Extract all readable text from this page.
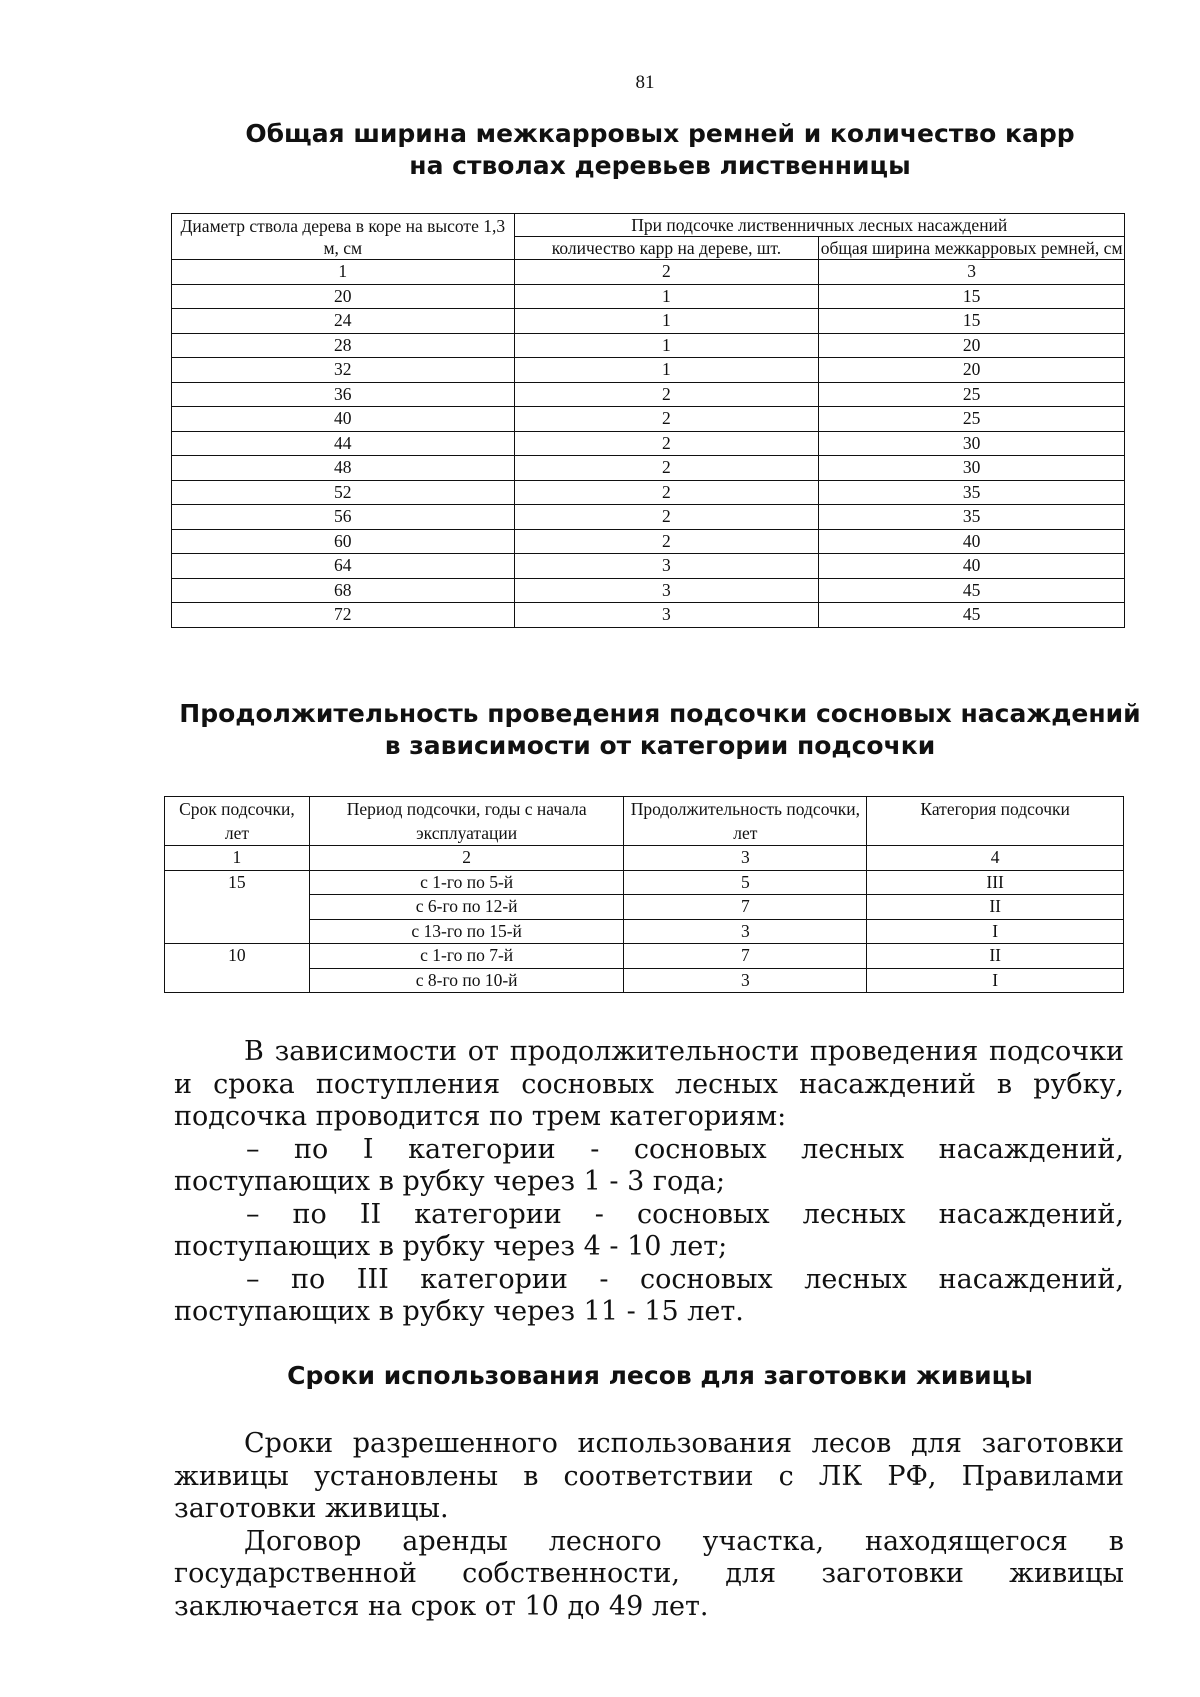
81
Общая ширина межкарровых ремней и количество карр
на стволах деревьев лиственницы
Диаметр ствола дерева в коре на высоте 1,3 м, см	При подсочке лиственничных лесных насаждений	
	количество карр на дереве, шт.	общая ширина межкарровых ремней, см
1	2	3
20	1	15
24	1	15
28	1	20
32	1	20
36	2	25
40	2	25
44	2	30
48	2	30
52	2	35
56	2	35
60	2	40
64	3	40
68	3	45
72	3	45
Продолжительность проведения подсочки сосновых насаждений
в зависимости от категории подсочки
Срок подсочки, лет	Период подсочки, годы с начала эксплуатации	Продолжительность подсочки, лет	Категория подсочки
1	2	3	4
15	с 1-го по 5-й	5	III
	с 6-го по 12-й	7	II
	с 13-го по 15-й	3	I
10	с 1-го по 7-й	7	II
	с 8-го по 10-й	3	I

В зависимости от продолжительности проведения подсочки и срока поступления сосновых лесных насаждений в рубку, подсочка проводится по трем категориям:

– по I категории - сосновых лесных насаждений, поступающих в рубку через 1 - 3 года;

– по II категории - сосновых лесных насаждений, поступающих в рубку через 4 - 10 лет;

– по III категории - сосновых лесных насаждений, поступающих в рубку через 11 - 15 лет.

Сроки использования лесов для заготовки живицы

Сроки разрешенного использования лесов для заготовки живицы установлены в соответствии с ЛК РФ, Правилами заготовки живицы.

Договор аренды лесного участка, находящегося в государственной собственности, для заготовки живицы заключается на срок от 10 до 49 лет.
